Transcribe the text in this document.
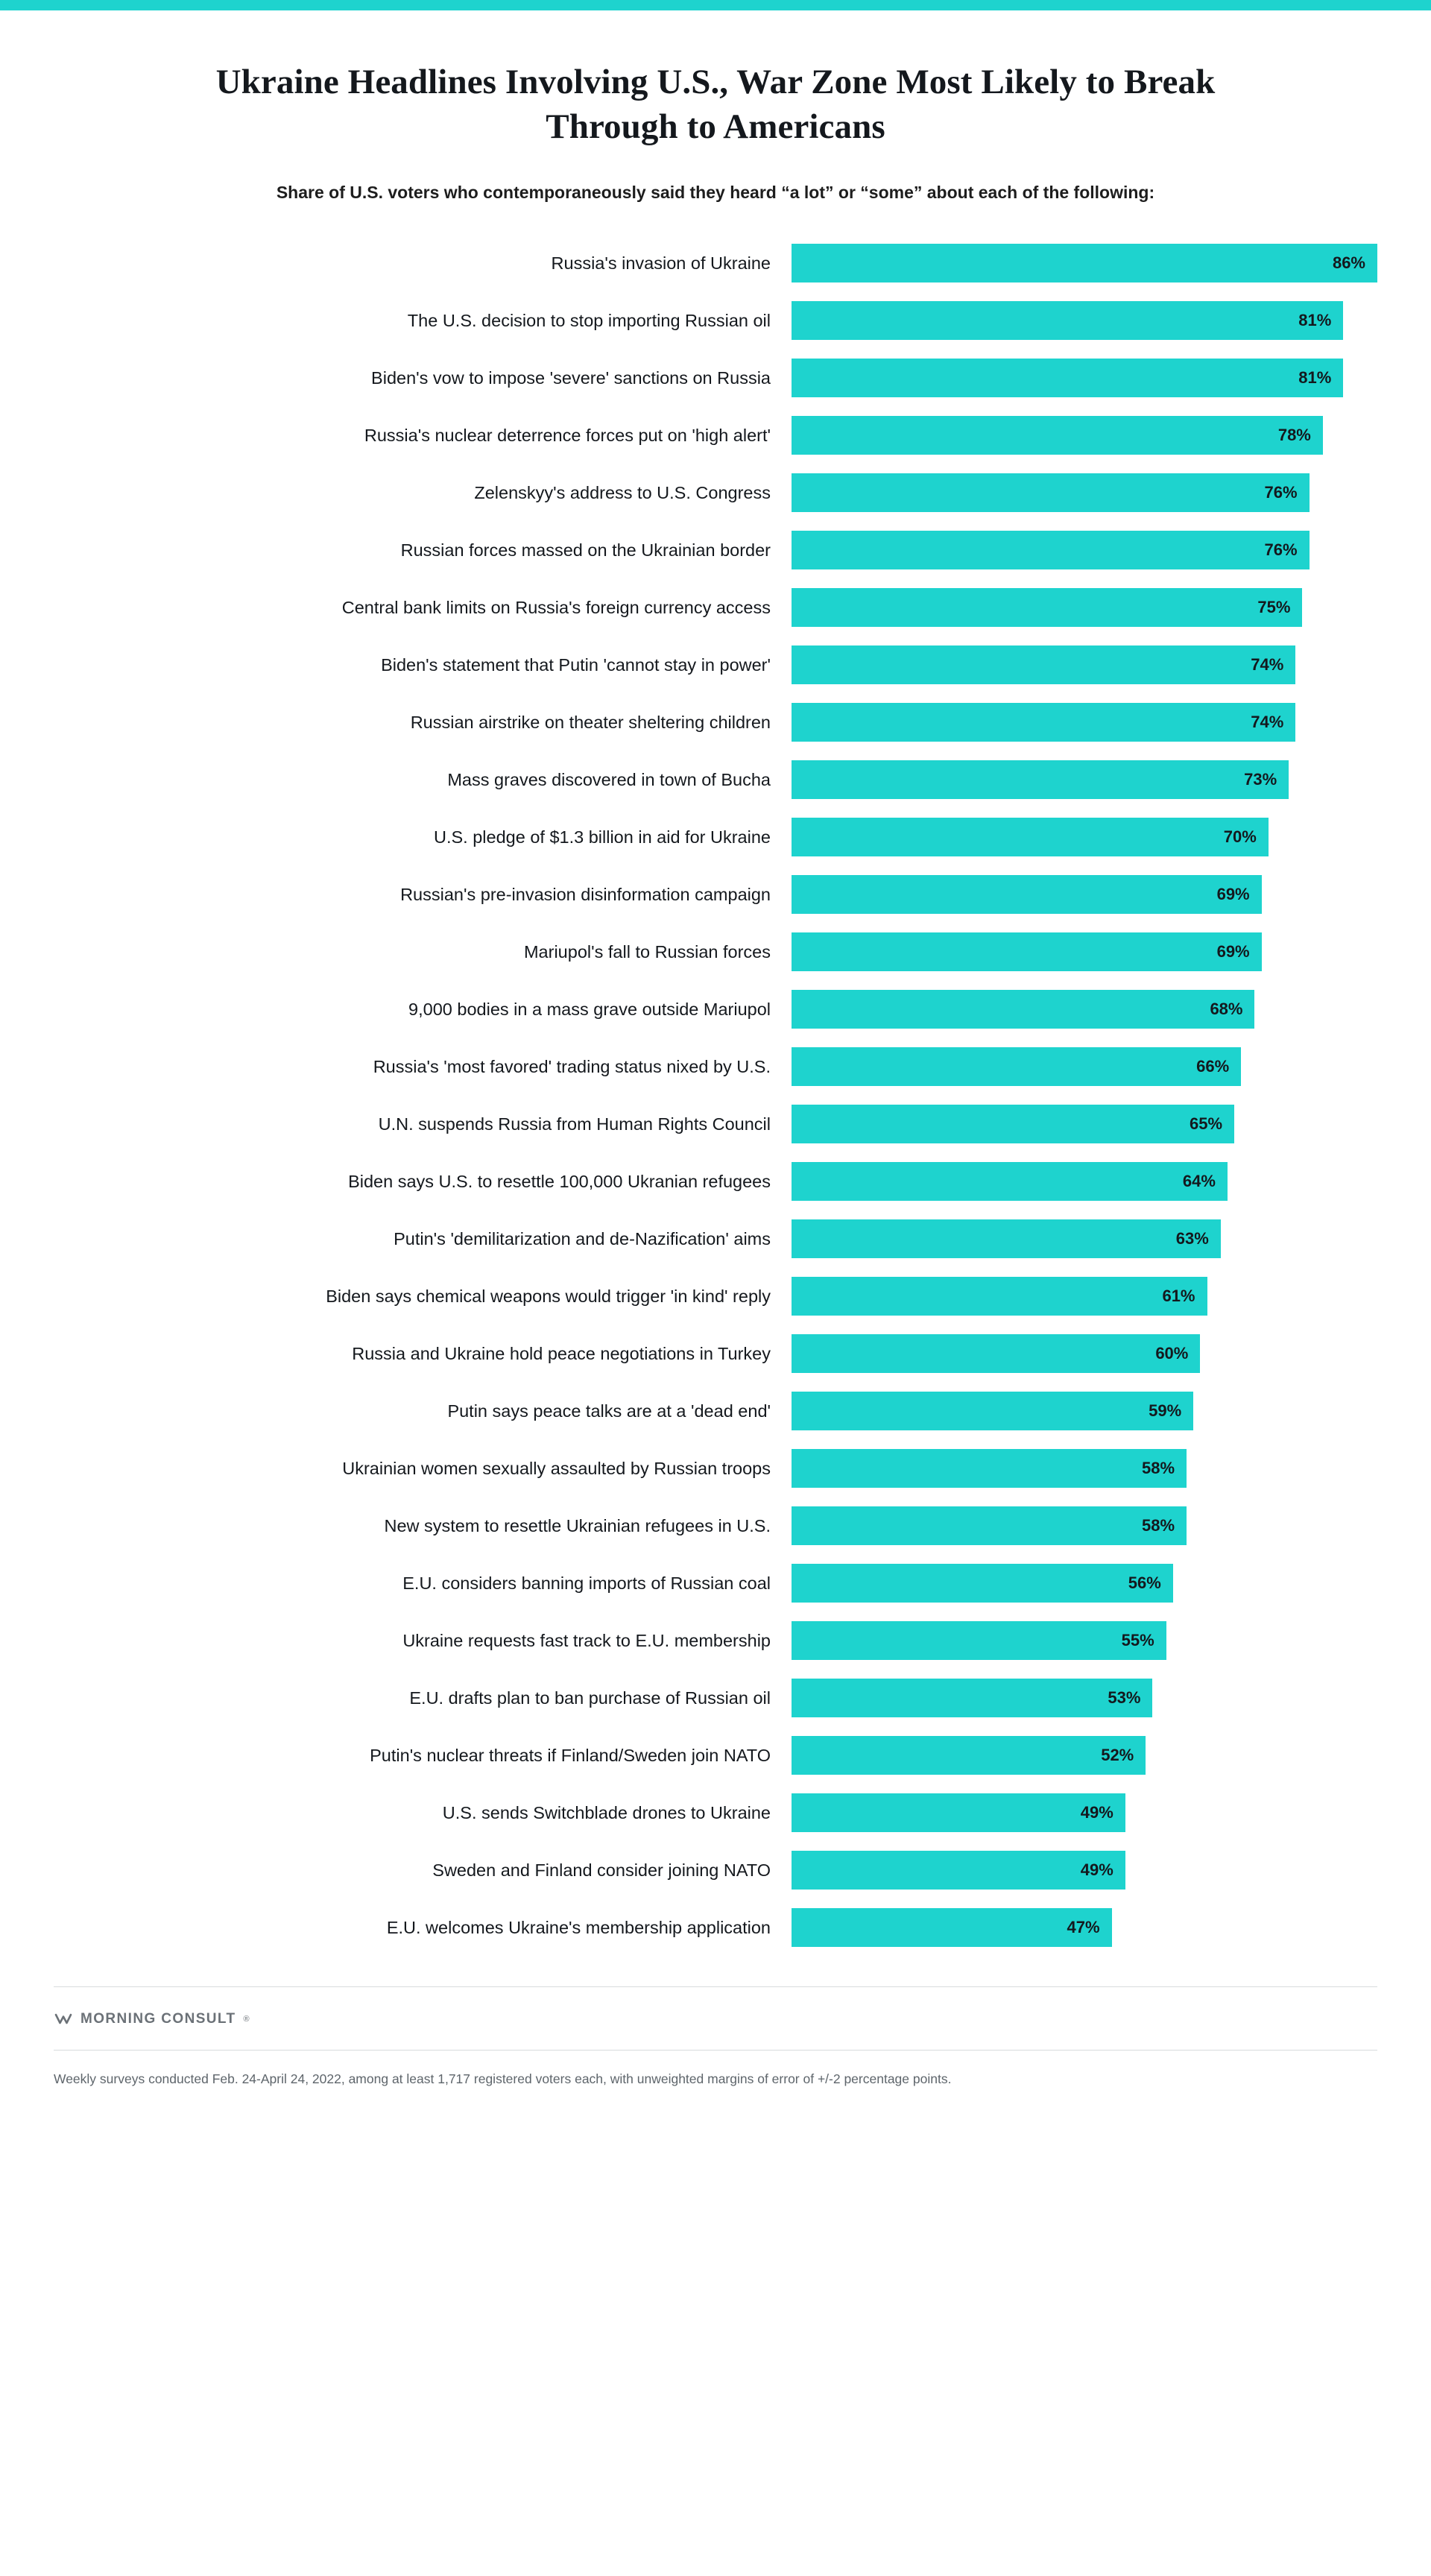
Ukraine Headlines Involving U.S., War Zone Most Likely to Break Through to Americans
Share of U.S. voters who contemporaneously said they heard “a lot” or “some” about each of the following:
Russia's invasion of Ukraine	86%
The U.S. decision to stop importing Russian oil	81%
Biden's vow to impose 'severe' sanctions on Russia	81%
Russia's nuclear deterrence forces put on 'high alert'	78%
Zelenskyy's address to U.S. Congress	76%
Russian forces massed on the Ukrainian border	76%
Central bank limits on Russia's foreign currency access	75%
Biden's statement that Putin 'cannot stay in power'	74%
Russian airstrike on theater sheltering children	74%
Mass graves discovered in town of Bucha	73%
U.S. pledge of $1.3 billion in aid for Ukraine	70%
Russian's pre-invasion disinformation campaign	69%
Mariupol's fall to Russian forces	69%
9,000 bodies in a mass grave outside Mariupol	68%
Russia's 'most favored' trading status nixed by U.S.	66%
U.N. suspends Russia from Human Rights Council	65%
Biden says U.S. to resettle 100,000 Ukranian refugees	64%
Putin's 'demilitarization and de-Nazification' aims	63%
Biden says chemical weapons would trigger 'in kind' reply	61%
Russia and Ukraine hold peace negotiations in Turkey	60%
Putin says peace talks are at a 'dead end'	59%
Ukrainian women sexually assaulted by Russian troops	58%
New system to resettle Ukrainian refugees in U.S.	58%
E.U. considers banning imports of Russian coal	56%
Ukraine requests fast track to E.U. membership	55%
E.U. drafts plan to ban purchase of Russian oil	53%
Putin's nuclear threats if Finland/Sweden join NATO	52%
U.S. sends Switchblade drones to Ukraine	49%
Sweden and Finland consider joining NATO	49%
E.U. welcomes Ukraine's membership application	47%
MORNING CONSULT ®
Weekly surveys conducted Feb. 24-April 24, 2022, among at least 1,717 registered voters each, with unweighted margins of error of +/-2 percentage points.
